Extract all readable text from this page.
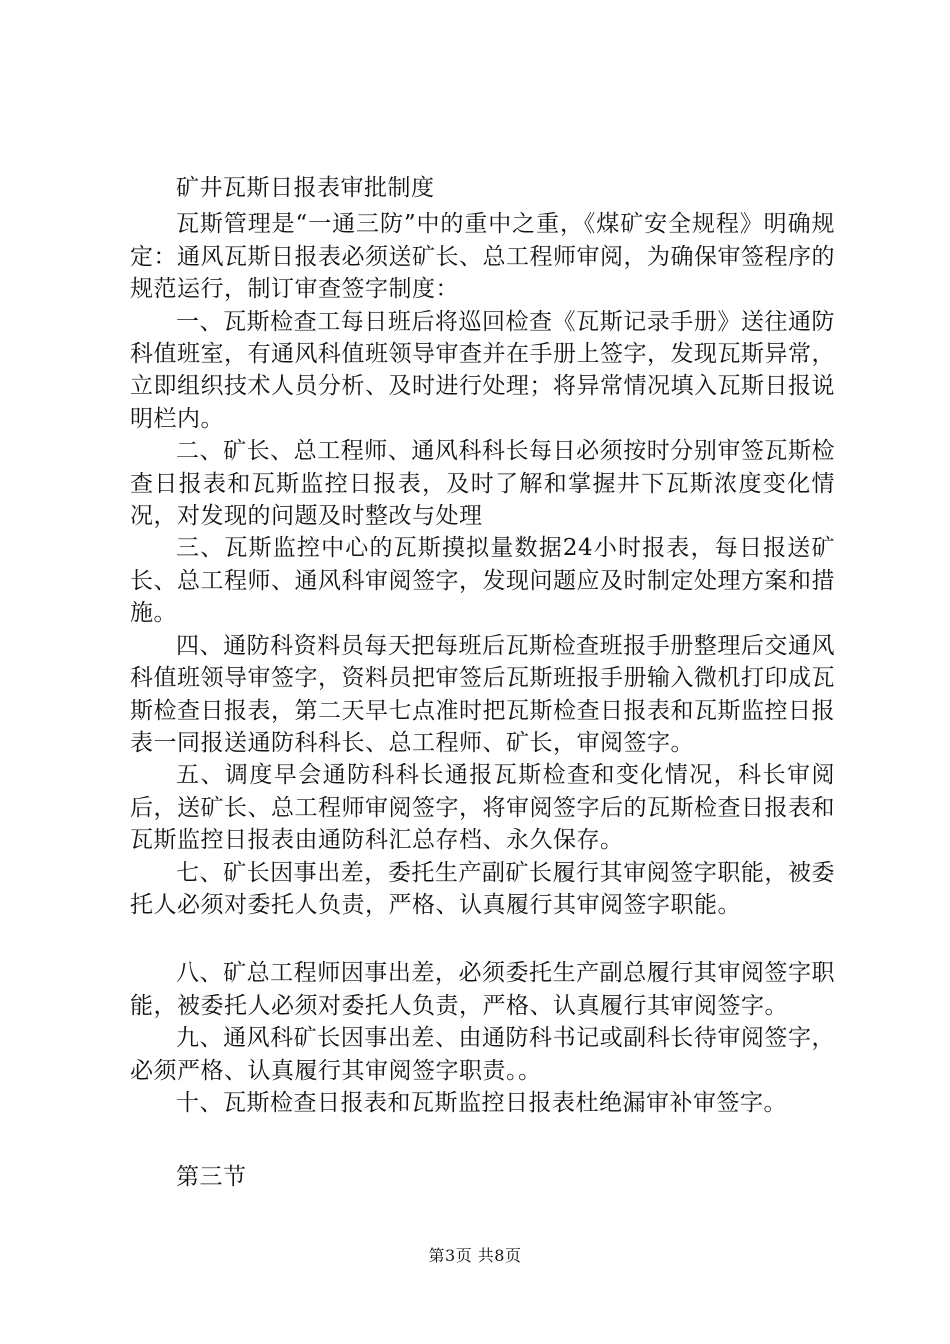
矿井瓦斯日报表审批制度

瓦斯管理是“一通三防”中的重中之重，《煤矿安全规程》明确规定：通风瓦斯日报表必须送矿长、总工程师审阅，为确保审签程序的规范运行，制订审查签字制度：

一、瓦斯检查工每日班后将巡回检查《瓦斯记录手册》送往通防科值班室，有通风科值班领导审查并在手册上签字，发现瓦斯异常，立即组织技术人员分析、及时进行处理；将异常情况填入瓦斯日报说明栏内。

二、矿长、总工程师、通风科科长每日必须按时分别审签瓦斯检查日报表和瓦斯监控日报表，及时了解和掌握井下瓦斯浓度变化情况，对发现的问题及时整改与处理

三、瓦斯监控中心的瓦斯摸拟量数据24小时报表，每日报送矿长、总工程师、通风科审阅签字，发现问题应及时制定处理方案和措施。

四、通防科资料员每天把每班后瓦斯检查班报手册整理后交通风科值班领导审签字，资料员把审签后瓦斯班报手册输入微机打印成瓦斯检查日报表，第二天早七点准时把瓦斯检查日报表和瓦斯监控日报表一同报送通防科科长、总工程师、矿长，审阅签字。

五、调度早会通防科科长通报瓦斯检查和变化情况，科长审阅后，送矿长、总工程师审阅签字，将审阅签字后的瓦斯检查日报表和瓦斯监控日报表由通防科汇总存档、永久保存。

七、矿长因事出差，委托生产副矿长履行其审阅签字职能，被委托人必须对委托人负责，严格、认真履行其审阅签字职能。

八、矿总工程师因事出差，必须委托生产副总履行其审阅签字职能，被委托人必须对委托人负责，严格、认真履行其审阅签字。

九、通风科矿长因事出差、由通防科书记或副科长待审阅签字，必须严格、认真履行其审阅签字职责。。

十、瓦斯检查日报表和瓦斯监控日报表杜绝漏审补审签字。

第三节

第3页 共8页
